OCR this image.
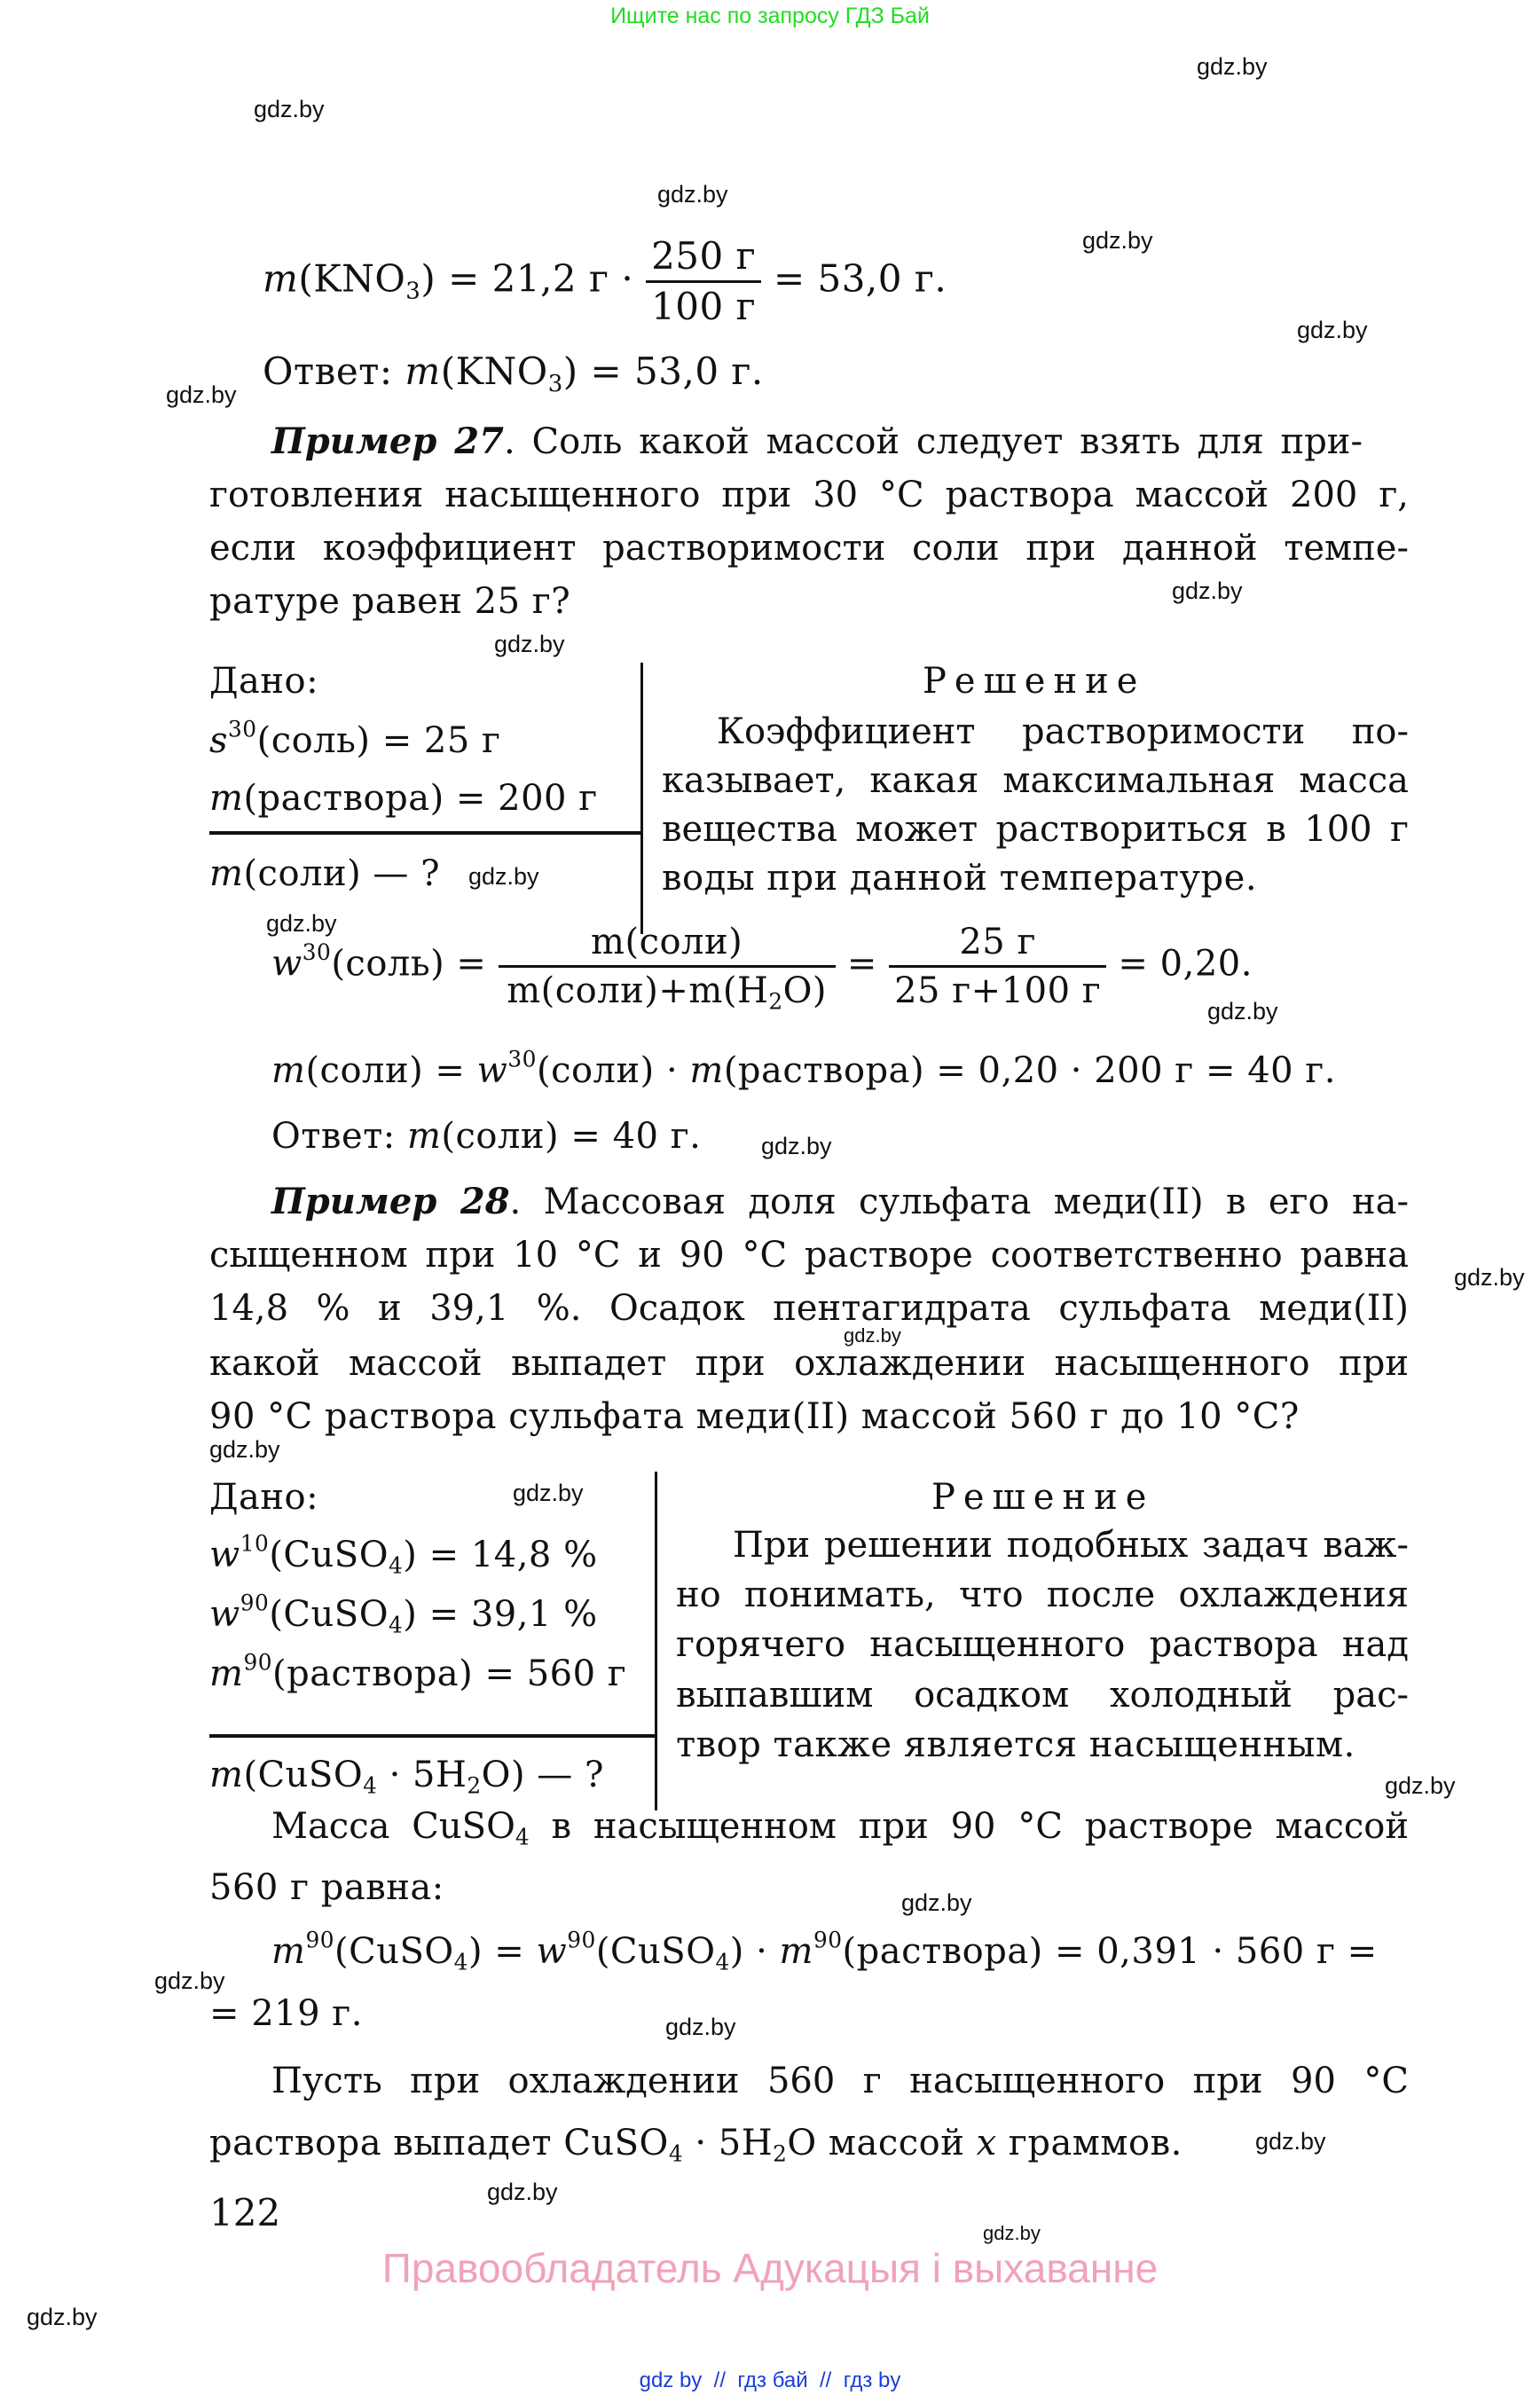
Ищите нас по запросу ГДЗ Бай
gdz.by
gdz.by
gdz.by
gdz.by
gdz.by
gdz.by
gdz.by
gdz.by
gdz.by
gdz.by
gdz.by
gdz.by
gdz.by
gdz.by
gdz.by
gdz.by
gdz.by
gdz.by
gdz.by
gdz.by
gdz.by
gdz.by
gdz.by
gdz.by
$m(KNO_3) = 21,2$ $г \cdot \frac{250 г}{100 г} = 53,0$ г.
Ответ: $m(KNO_3) = 53,0$ г.
Пример 27. Соль какой массой следует взять для при-
готовления насыщенного при 30 °С раствора массой 200 г,
если коэффициент растворимости соли при данной темпе-
ратуре равен 25 г?
Дано:
$s^{30}(соль) = 25$ г
m(раствора) = 200 г
m(соли) — ?
Решение
Коэффициент растворимости по-
казывает, какая максимальная масса
вещества может раствориться в 100 г
воды при данной температуре.
$w^{30}(соль) = \frac{\text{m(соли)}}{m(соли)+m(H_2O)} = \frac{25 г}{25 г+100 г} = 0,20$.
m(соли) = $w^{30}(соли)$ · m(раствора) = 0,20 · 200 г = 40 г.
Ответ: m(соли) = 40 г.
Пример 28. Массовая доля сульфата меди(II) в его на-
сыщенном при 10 °С и 90 °С растворе соответственно равна
14,8 % и 39,1 %. Осадок пентагидрата сульфата меди(II)
какой массой выпадет при охлаждении насыщенного при
90 °С раствора сульфата меди(II) массой 560 г до 10 °С?
Дано:
$w^{10}(CuSO_4) = 14,8$ %
$w^{90}(CuSO_4) = 39,1$ %
$m^{90}(раствора) = 560$ г
m(CuSO$_4$ · $5H_2O$) — ?
Решение
При решении подобных задач важ-
но понимать, что после охлаждения
горячего насыщенного раствора над
выпавшим осадком холодный рас-
твор также является насыщенным.
Масса CuSO$_4$ в насыщенном при 90 °С растворе массой
560 г равна:
$m^{90}(CuSO_4)$ = $w^{90}(CuSO_4)$ · $m^{90}(раствора) = 0,391 \cdot 560$ г =
= 219 г.
Пусть при охлаждении 560 г насыщенного при 90 °С
раствора выпадет CuSO$_4$ · $5H_2O$ массой x граммов.
122
Правообладатель Адукацыя і выхаванне
gdz by // гдз бай // гдз by
